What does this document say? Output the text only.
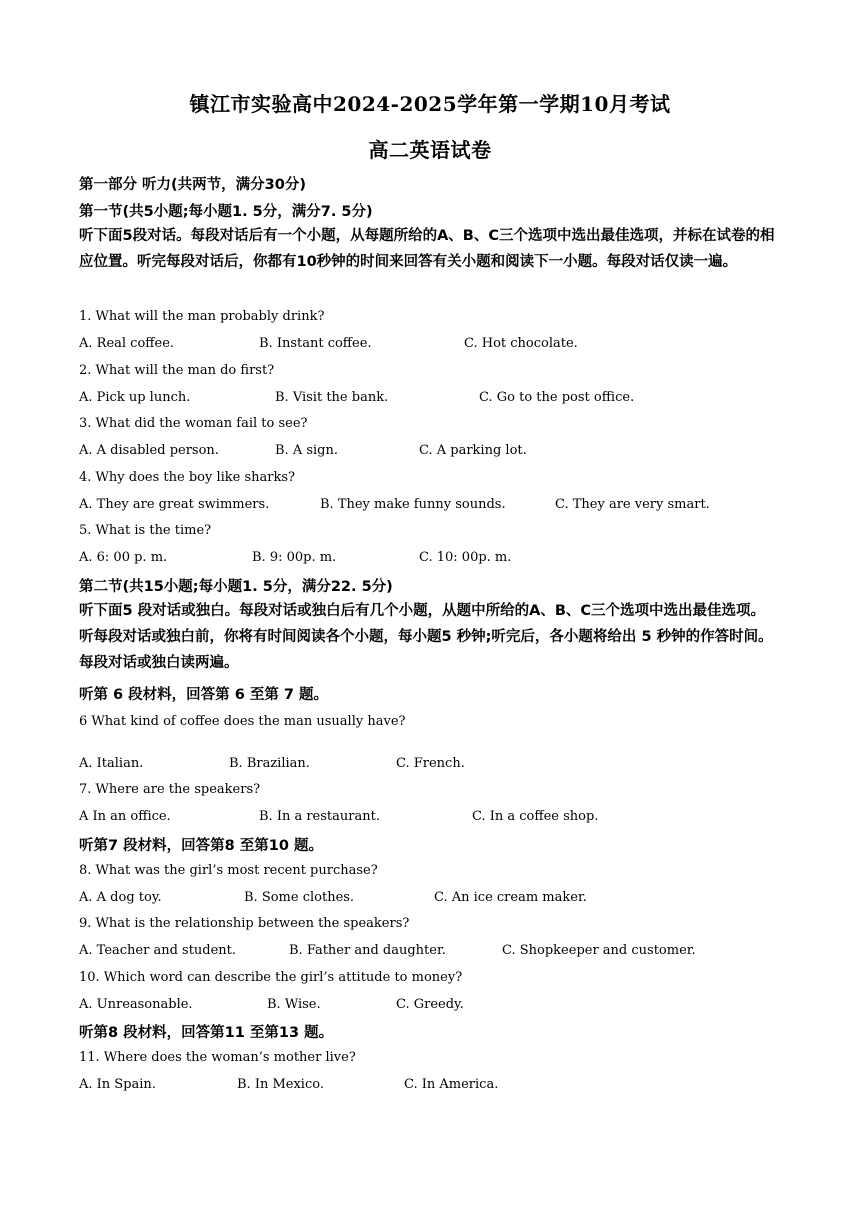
镇江市实验高中2024-2025学年第一学期10月考试
高二英语试卷
第一部分 听力(共两节，满分30分)
第一节(共5小题;每小题1. 5分，满分7. 5分)
听下面5段对话。每段对话后有一个小题，从每题所给的A、B、C三个选项中选出最佳选项，并标在试卷的相应位置。听完每段对话后，你都有10秒钟的时间来回答有关小题和阅读下一小题。每段对话仅读一遍。
1. What will the man probably drink?
A. Real coffee.	B. Instant coffee.	C. Hot chocolate.
2. What will the man do first?
A. Pick up lunch.	B. Visit the bank.	C. Go to the post office.
3. What did the woman fail to see?
A. A disabled person.	B. A sign.	C. A parking lot.
4. Why does the boy like sharks?
A. They are great swimmers.	B. They make funny sounds.	C. They are very smart.
5. What is the time?
A. 6: 00 p. m.	B. 9: 00p. m.	C. 10: 00p. m.
第二节(共15小题;每小题1. 5分，满分22. 5分)
听下面5 段对话或独白。每段对话或独白后有几个小题，从题中所给的A、B、C三个选项中选出最佳选项。听每段对话或独白前，你将有时间阅读各个小题，每小题5 秒钟;听完后，各小题将给出 5 秒钟的作答时间。每段对话或独白读两遍。
听第 6 段材料，回答第 6 至第 7 题。
6 What kind of coffee does the man usually have?
A. Italian.	B. Brazilian.	C. French.
7. Where are the speakers?
A In an office.	B. In a restaurant.	C. In a coffee shop.
听第7 段材料，回答第8 至第10 题。
8. What was the girl’s most recent purchase?
A. A dog toy.	B. Some clothes.	C. An ice cream maker.
9. What is the relationship between the speakers?
A. Teacher and student.	B. Father and daughter.	C. Shopkeeper and customer.
10. Which word can describe the girl’s attitude to money?
A. Unreasonable.	B. Wise.	C. Greedy.
听第8 段材料，回答第11 至第13 题。
11. Where does the woman’s mother live?
A. In Spain.	B. In Mexico.	C. In America.
